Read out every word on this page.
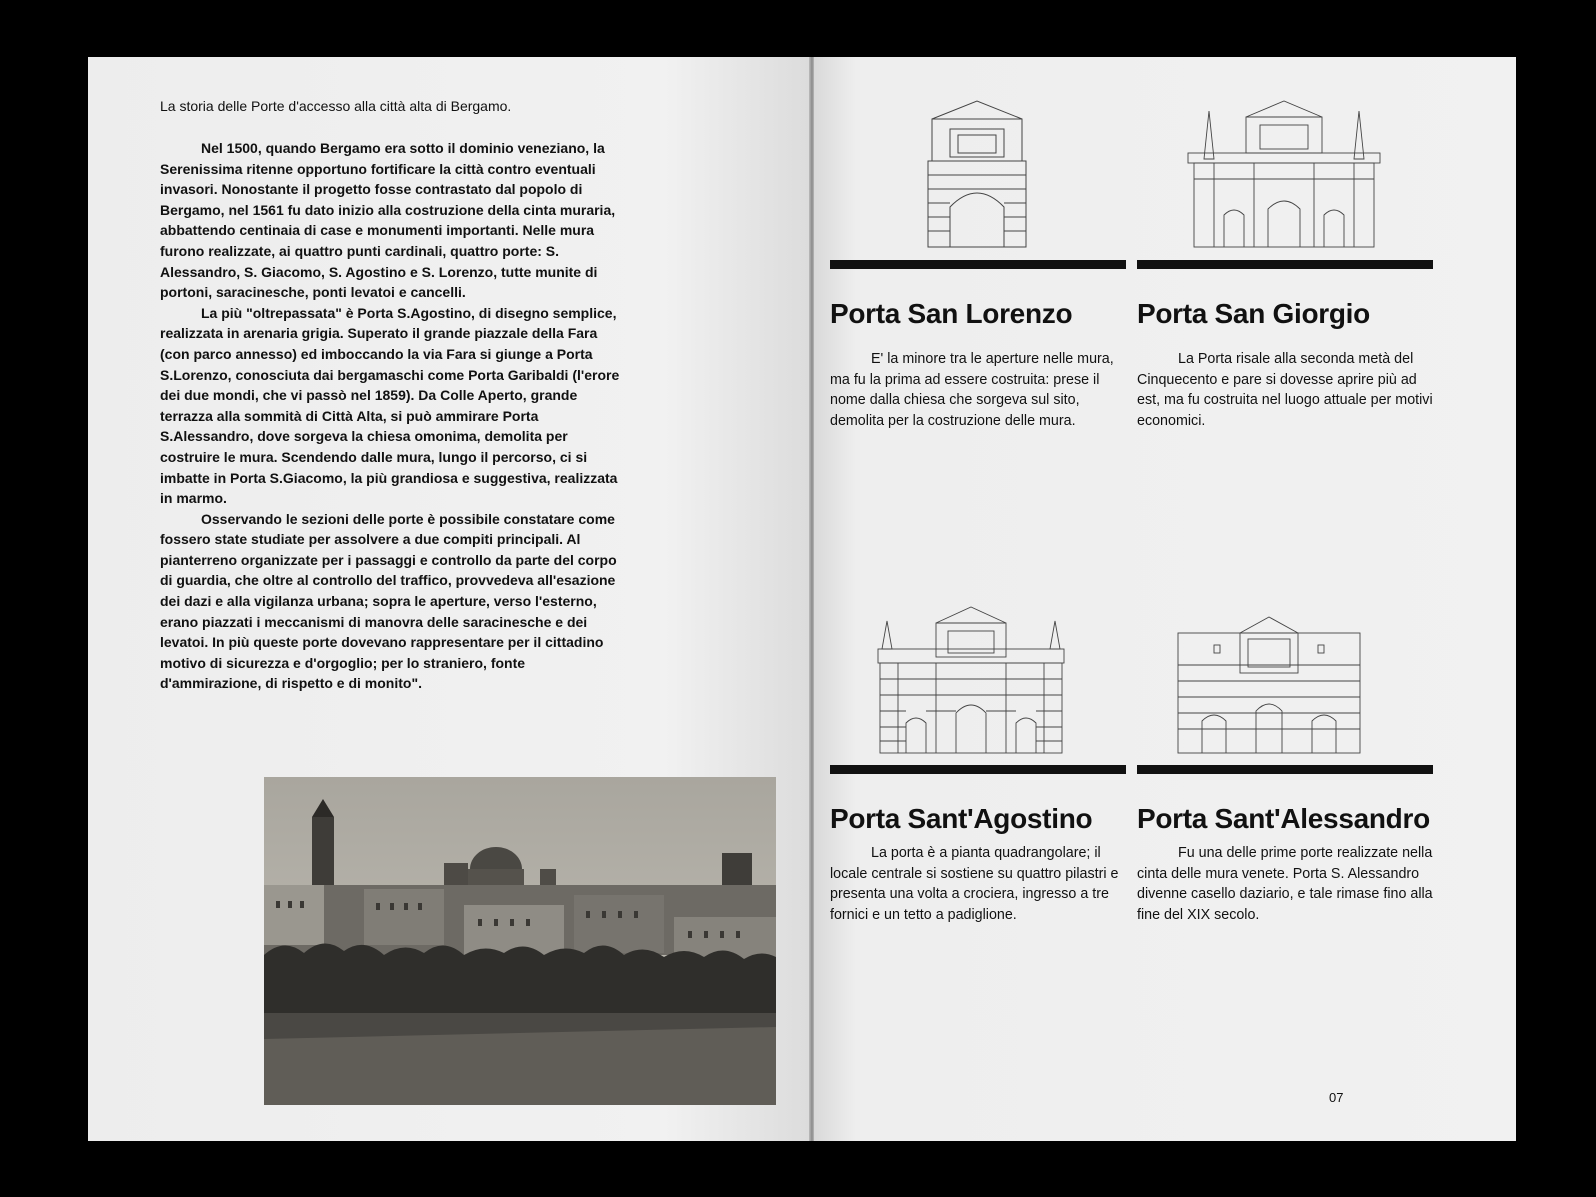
La storia delle Porte d'accesso alla città alta di Bergamo.

Nel 1500, quando Bergamo era sotto il dominio veneziano, la Serenissima ritenne opportuno fortificare la città contro eventuali invasori. Nonostante il progetto fosse contrastato dal popolo di Bergamo, nel 1561 fu dato inizio alla costruzione della cinta muraria, abbattendo centinaia di case e monumenti importanti. Nelle mura furono realizzate, ai quattro punti cardinali, quattro porte: S. Alessandro, S. Giacomo, S. Agostino e S. Lorenzo, tutte munite di portoni, saracinesche, ponti levatoi e cancelli.

La più "oltrepassata" è Porta S.Agostino, di disegno semplice, realizzata in arenaria grigia. Superato il grande piazzale della Fara (con parco annesso) ed imboccando la via Fara si giunge a Porta S.Lorenzo, conosciuta dai bergamaschi come Porta Garibaldi (l'erore dei due mondi, che vi passò nel 1859). Da Colle Aperto, grande terrazza alla sommità di Città Alta, si può ammirare Porta S.Alessandro, dove sorgeva la chiesa omonima, demolita per costruire le mura. Scendendo dalle mura, lungo il percorso, ci si imbatte in Porta S.Giacomo, la più grandiosa e suggestiva, realizzata in marmo.

Osservando le sezioni delle porte è possibile constatare come fossero state studiate per assolvere a due compiti principali. Al pianterreno organizzate per i passaggi e controllo da parte del corpo di guardia, che oltre al controllo del traffico, provvedeva all'esazione dei dazi e alla vigilanza urbana; sopra le aperture, verso l'esterno, erano piazzati i meccanismi di manovra delle saracinesche e dei levatoi. In più queste porte dovevano rappresentare per il cittadino motivo di sicurezza e d'orgoglio; per lo straniero, fonte d'ammirazione, di rispetto e di monito".

Porta San Lorenzo

E' la minore tra le aperture nelle mura, ma fu la prima ad essere costruita: prese il nome dalla chiesa che sorgeva sul sito, demolita per la costruzione delle mura.

Porta San Giorgio

La Porta risale alla seconda metà del Cinquecento e pare si dovesse aprire più ad est, ma fu costruita nel luogo attuale per motivi economici.

Porta Sant'Agostino

La porta è a pianta quadrangolare; il locale centrale si sostiene su quattro pilastri e presenta una volta a crociera, ingresso a tre fornici e un tetto a padiglione.

Porta Sant'Alessandro

Fu una delle prime porte realizzate nella cinta delle mura venete. Porta S. Alessandro divenne casello daziario, e tale rimase fino alla fine del XIX secolo.

07
